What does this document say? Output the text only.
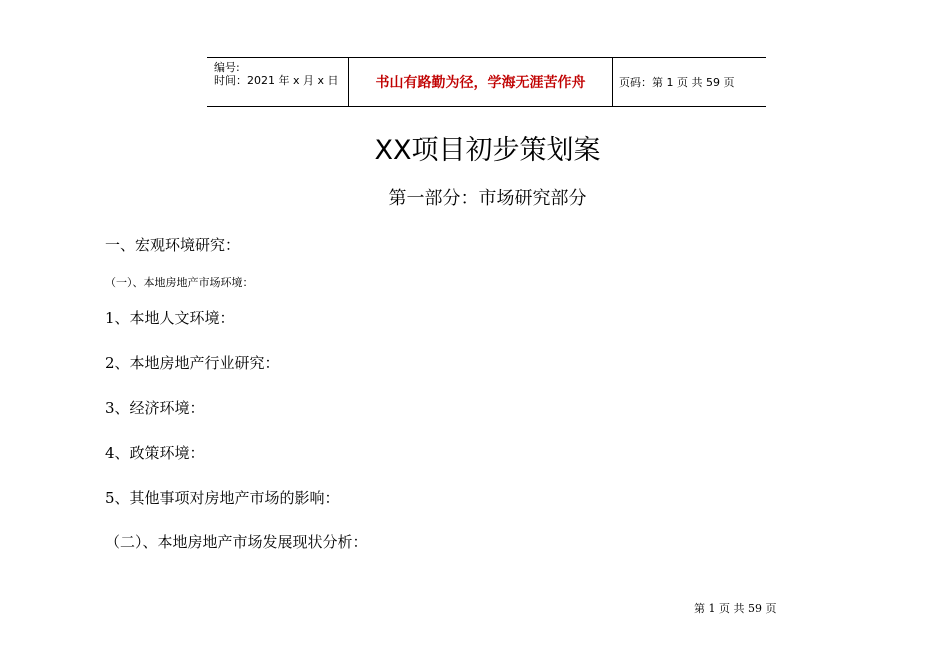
编号:
时间：2021 年 x 月 x 日	书山有路勤为径，学海无涯苦作舟	页码：第 1 页 共 59 页
XX项目初步策划案
第一部分：市场研究部分
一、宏观环境研究：
（一）、本地房地产市场环境：
1、本地人文环境：
2、本地房地产行业研究：
3、经济环境：
4、政策环境：
5、其他事项对房地产市场的影响：
（二）、本地房地产市场发展现状分析：
第 1 页 共 59 页
